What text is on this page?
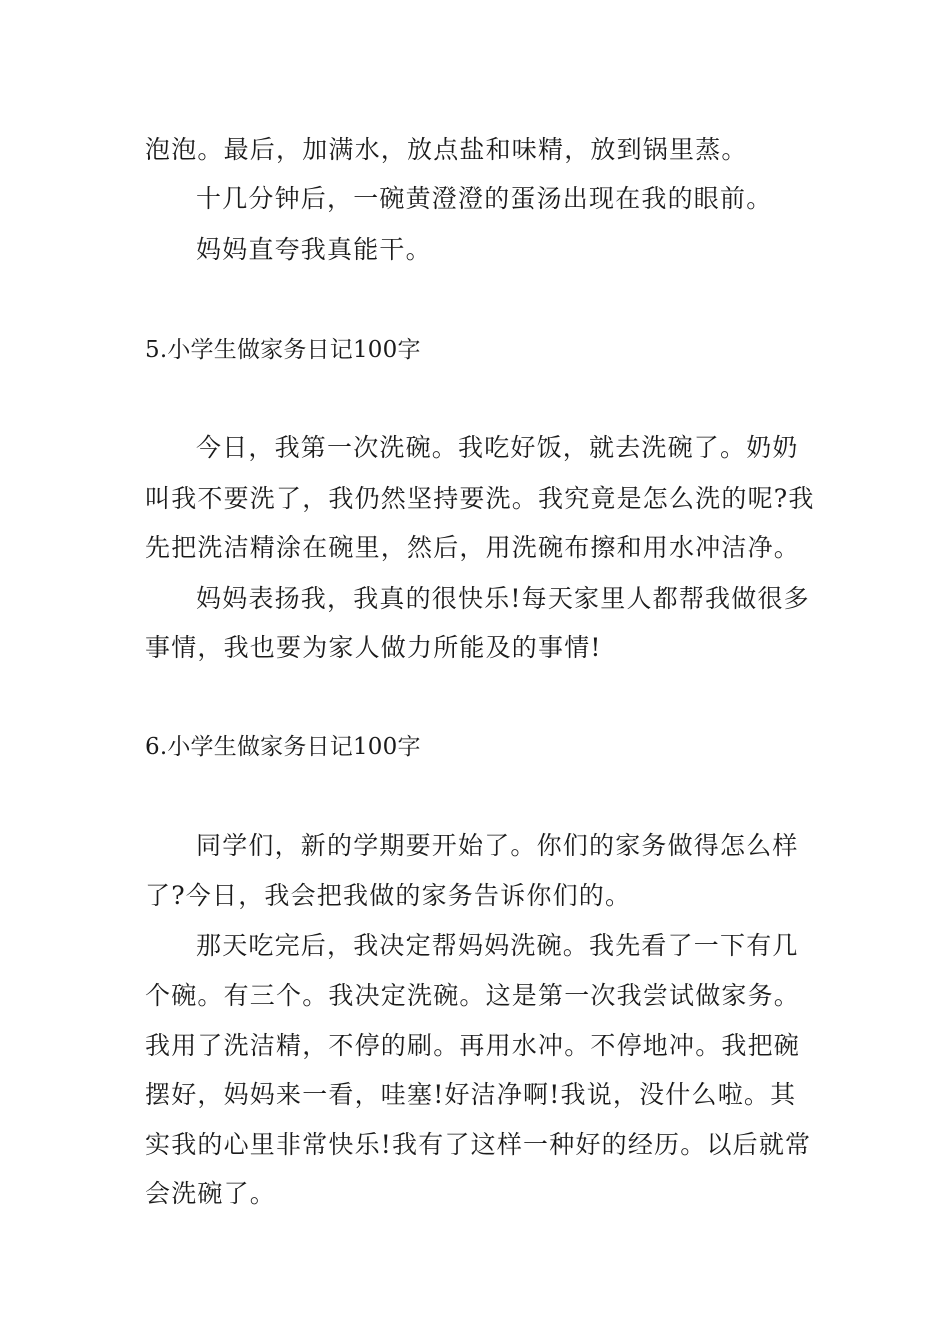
泡泡。最后，加满水，放点盐和味精，放到锅里蒸。
十几分钟后，一碗黄澄澄的蛋汤出现在我的眼前。
妈妈直夸我真能干。
5.小学生做家务日记100字
今日，我第一次洗碗。我吃好饭，就去洗碗了。奶奶
叫我不要洗了，我仍然坚持要洗。我究竟是怎么洗的呢?我
先把洗洁精涂在碗里，然后，用洗碗布擦和用水冲洁净。
妈妈表扬我，我真的很快乐!每天家里人都帮我做很多
事情，我也要为家人做力所能及的事情!
6.小学生做家务日记100字
同学们，新的学期要开始了。你们的家务做得怎么样
了?今日，我会把我做的家务告诉你们的。
那天吃完后，我决定帮妈妈洗碗。我先看了一下有几
个碗。有三个。我决定洗碗。这是第一次我尝试做家务。
我用了洗洁精，不停的刷。再用水冲。不停地冲。我把碗
摆好，妈妈来一看，哇塞!好洁净啊!我说，没什么啦。其
实我的心里非常快乐!我有了这样一种好的经历。以后就常
会洗碗了。
